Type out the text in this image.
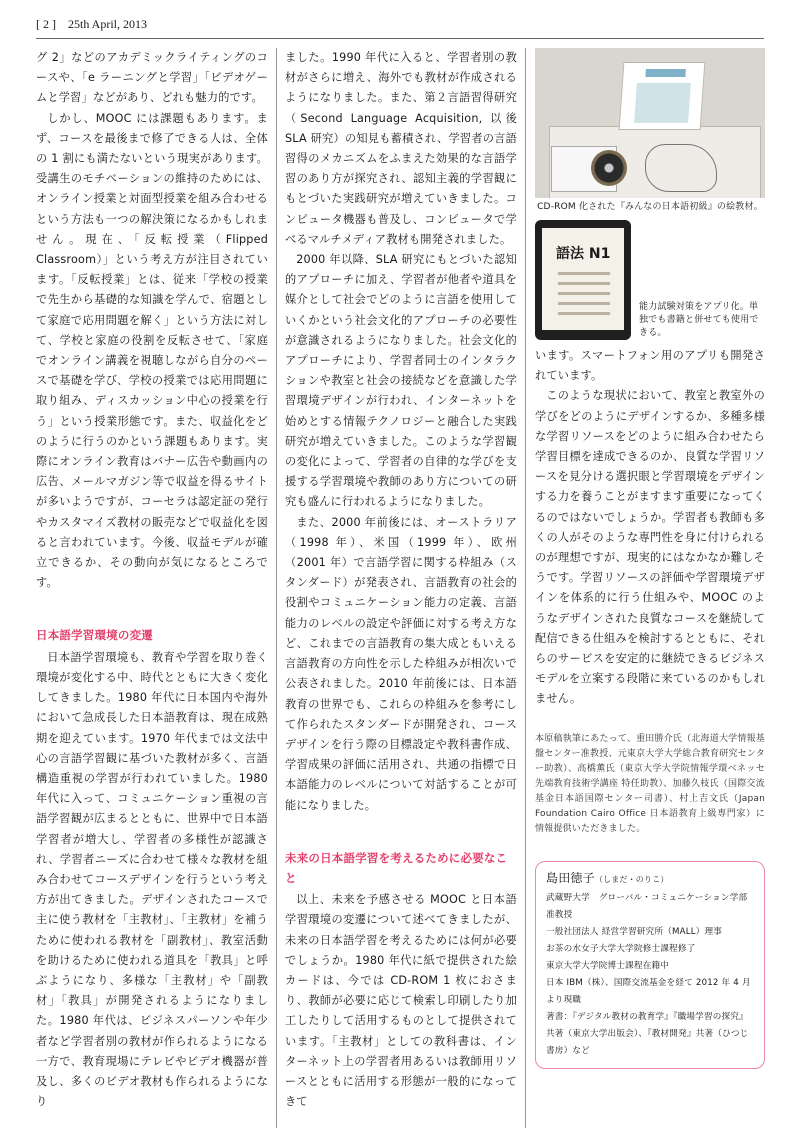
[ 2 ] 25th April, 2013

グ 2」などのアカデミックライティングのコースや、「e ラーニングと学習」「ビデオゲームと学習」などがあり、どれも魅力的です。

しかし、MOOC には課題もあります。まず、コースを最後まで修了できる人は、全体の 1 割にも満たないという現実があります。受講生のモチベーションの維持のためには、オンライン授業と対面型授業を組み合わせるという方法も一つの解決策になるかもしれません。現在、「反転授業（Flipped Classroom）」という考え方が注目されています。「反転授業」とは、従来「学校の授業で先生から基礎的な知識を学んで、宿題として家庭で応用問題を解く」という方法に対して、学校と家庭の役割を反転させて、「家庭でオンライン講義を視聴しながら自分のペースで基礎を学び、学校の授業では応用問題に取り組み、ディスカッション中心の授業を行う」という授業形態です。また、収益化をどのように行うのかという課題もあります。実際にオンライン教育はバナー広告や動画内の広告、メールマガジン等で収益を得るサイトが多いようですが、コーセラは認定証の発行やカスタマイズ教材の販売などで収益化を図ると言われています。今後、収益モデルが確立できるか、その動向が気になるところです。

日本語学習環境の変遷

日本語学習環境も、教育や学習を取り巻く環境が変化する中、時代とともに大きく変化してきました。1980 年代に日本国内や海外において急成長した日本語教育は、現在成熟期を迎えています。1970 年代までは文法中心の言語学習観に基づいた教材が多く、言語構造重視の学習が行われていました。1980 年代に入って、コミュニケーション重視の言語学習観が広まるとともに、世界中で日本語学習者が増大し、学習者の多様性が認識され、学習者ニーズに合わせて様々な教材を組み合わせてコースデザインを行うという考え方が出てきました。デザインされたコースで主に使う教材を「主教材」、「主教材」を補うために使われる教材を「副教材」、教室活動を助けるために使われる道具を「教具」と呼ぶようになり、多様な「主教材」や「副教材」「教具」が開発されるようになりました。1980 年代は、ビジネスパーソンや年少者など学習者別の教材が作られるようになる一方で、教育現場にテレビやビデオ機器が普及し、多くのビデオ教材も作られるようになり

ました。1990 年代に入ると、学習者別の教材がさらに増え、海外でも教材が作成されるようになりました。また、第２言語習得研究（Second Language Acquisition, 以後 SLA 研究）の知見も蓄積され、学習者の言語習得のメカニズムをふまえた効果的な言語学習のあり方が探究され、認知主義的学習観にもとづいた実践研究が増えていきました。コンピュータ機器も普及し、コンピュータで学べるマルチメディア教材も開発されました。

2000 年以降、SLA 研究にもとづいた認知的アプローチに加え、学習者が他者や道具を媒介として社会でどのように言語を使用していくかという社会文化的アプローチの必要性が意識されるようになりました。社会文化的アプローチにより、学習者同士のインタラクションや教室と社会の接続などを意識した学習環境デザインが行われ、インターネットを始めとする情報テクノロジーと融合した実践研究が増えていきました。このような学習観の変化によって、学習者の自律的な学びを支援する学習環境や教師のあり方についての研究も盛んに行われるようになりました。

また、2000 年前後には、オーストラリア（1998 年）、米国（1999 年）、欧州（2001 年）で言語学習に関する枠組み（スタンダード）が発表され、言語教育の社会的役割やコミュニケーション能力の定義、言語能力のレベルの設定や評価に対する考え方など、これまでの言語教育の集大成ともいえる言語教育の方向性を示した枠組みが相次いで公表されました。2010 年前後には、日本語教育の世界でも、これらの枠組みを参考にして作られたスタンダードが開発され、コースデザインを行う際の目標設定や教科書作成、学習成果の評価に活用され、共通の指標で日本語能力のレベルについて対話することが可能になりました。

未来の日本語学習を考えるために必要なこと

以上、未来を予感させる MOOC と日本語学習環境の変遷について述べてきましたが、未来の日本語学習を考えるためには何が必要でしょうか。1980 年代に紙で提供された絵カードは、今では CD-ROM 1 枚におさまり、教師が必要に応じて検索し印刷したり加工したりして活用するものとして提供されています。「主教材」としての教科書は、インターネット上の学習者用あるいは教師用リソースとともに活用する形態が一般的になってきて

CD-ROM 化された『みんなの日本語初級』の絵教材。
語法 N1
能力試験対策をアプリ化。単独でも書籍と併せても使用できる。

います。スマートフォン用のアプリも開発されています。

このような現状において、教室と教室外の学びをどのようにデザインするか、多種多様な学習リソースをどのように組み合わせたら学習目標を達成できるのか、良質な学習リソースを見分ける選択眼と学習環境をデザインする力を養うことがますます重要になってくるのではないでしょうか。学習者も教師も多くの人がそのような専門性を身に付けられるのが理想ですが、現実的にはなかなか難しそうです。学習リソースの評価や学習環境デザインを体系的に行う仕組みや、MOOC のようなデザインされた良質なコースを継続して配信できる仕組みを検討するとともに、それらのサービスを安定的に継続できるビジネスモデルを立案する段階に来ているのかもしれません。

本原稿執筆にあたって、重田勝介氏（北海道大学情報基盤センター准教授、元東京大学大学総合教育研究センター助教）、高橋薫氏（東京大学大学院情報学環ベネッセ先端教育技術学講座 特任助教）、加藤久枝氏（国際交流基金日本語国際センター司書）、村上吉文氏（Japan Foundation Cairo Office 日本語教育上級専門家）に情報提供いただきました。
島田徳子（しまだ・のりこ）
武蔵野大学　グローバル・コミュニケーション学部
准教授
一般社団法人 経営学習研究所（MALL）理事
お茶の水女子大学大学院修士課程修了
東京大学大学院博士課程在籍中
日本 IBM（株）、国際交流基金を経て 2012 年 4 月
より現職
著書：『デジタル教材の教育学』『職場学習の探究』
共著（東京大学出版会）、『教材開発』共著（ひつじ
書房）など
